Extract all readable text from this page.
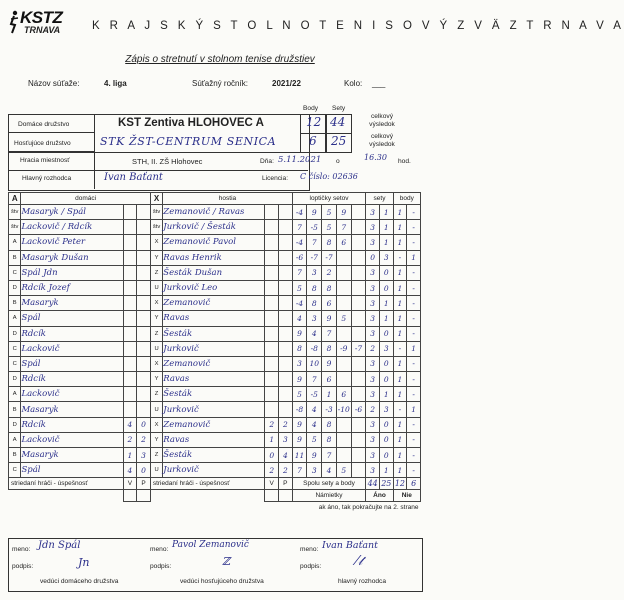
KSTZ
TRNAVA	K R A J S K Ý S T O L N O T E N I S O V Ý Z V Ä Z T R N A V A
Zápis o stretnutí v stolnom tenise družstiev
Názov súťaže:	4. liga	Súťažný ročník:	2021/22	Kolo: ___
Domáce družstvo
Hosťujúce družstvo
Hracia miestnosť
Hlavný rozhodca
KST Zentiva HLOHOVEC A
STK ŽST-CENTRUM SENICA
STH, II. ZŠ Hlohovec
Ivan Baťant
Dňa: 5.11.2021 o	16.30 hod.
Licencia: C číslo: 02636
Body Sety
12 44
6 25
celkový výsledok
celkový výsledok
A	domáci			X	hostia			loptičky setov					sety		body	
štv	Masaryk / Spál			štv	Zemanovič / Ravas			-4	9	5	9		3	1	1	-
štv	Lackovič / Rdcík			štv	Jurkovič / Šesták			7	-5	5	7		3	1	1	-
A	Lackovič Peter			X	Zemanovič Pavol			-4	7	8	6		3	1	1	-
B	Masaryk Dušan			Y	Ravas Henrik			-6	-7	-7			0	3	-	1
C	Spál Jdn			Z	Šesták Dušan			7	3	2			3	0	1	-
D	Rdcík Jozef			U	Jurkovič Leo			5	8	8			3	0	1	-
B	Masaryk			X	Zemanovič			-4	8	6			3	1	1	-
A	Spál			Y	Ravas			4	3	9	5		3	1	1	-
D	Rdcík			Z	Šesták			9	4	7			3	0	1	-
C	Lackovič			U	Jurkovič			8	-8	8	-9	-7	2	3	-	1
C	Spál			X	Zemanovič			3	10	9			3	0	1	-
D	Rdcík			Y	Ravas			9	7	6			3	0	1	-
A	Lackovič			Z	Šesták			5	-5	1	6		3	1	1	-
B	Masaryk			U	Jurkovič			-8	4	-3	-10	-6	2	3	-	1
D	Rdcík	4	0	X	Zemanovič	2	2	9	4	8			3	0	1	-
A	Lackovič	2	2	Y	Ravas	1	3	9	5	8			3	0	1	-
B	Masaryk	1	3	Z	Šesták	0	4	11	9	7			3	0	1	-
C	Spál	4	0	U	Jurkovič	2	2	7	3	4	5		3	1	1	-
striedaní hráči - úspešnosť		V	P	striedaní hráči - úspešnosť		V	P	Spolu sety a body					44	25	12	6
								Námietky					Áno		Nie	
								ak áno, tak pokračujte na 2. strane								
meno: Jdn Spál
podpis:	Jп
meno: Pavol Zemanovič
podpis:	ℤ
meno: Ivan Baťant
podpis:	⁄𝓉
vedúci domáceho družstva	vedúci hosťujúceho družstva	hlavný rozhodca
